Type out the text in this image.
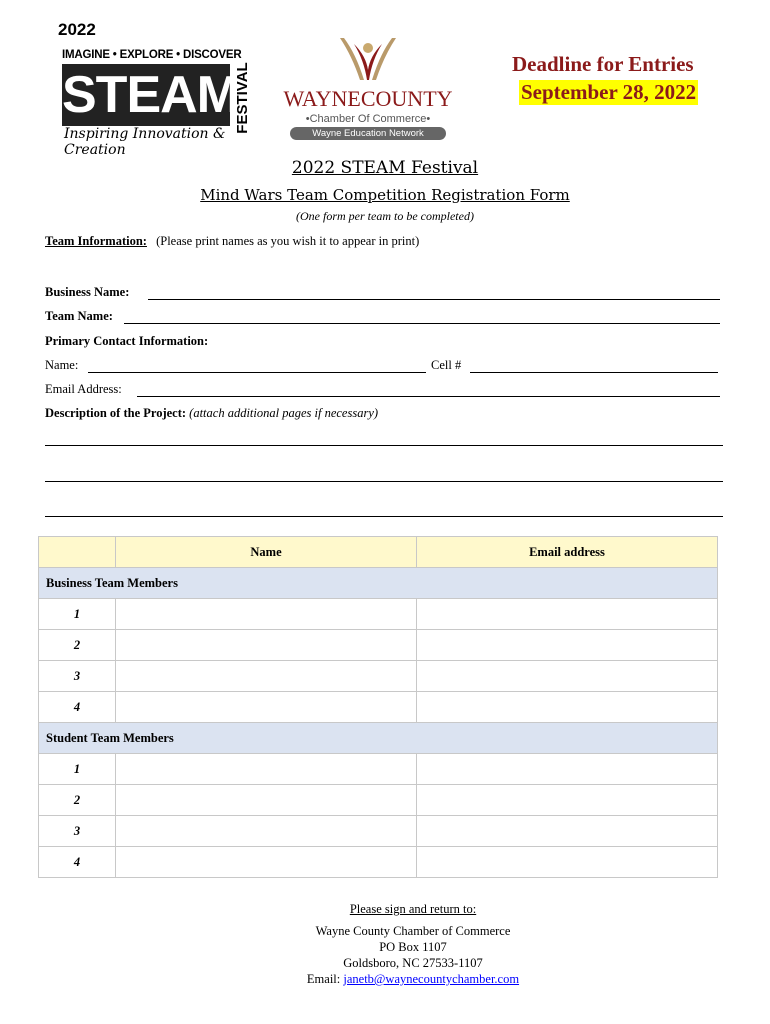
2022
IMAGINE • EXPLORE • DISCOVER
STEAM
FESTIVAL
Inspiring Innovation & Creation
WAYNECOUNTY
•Chamber Of Commerce•
Wayne Education Network
Deadline for Entries
September 28, 2022
2022 STEAM Festival
Mind Wars Team Competition Registration Form
(One form per team to be completed)
Team Information: (Please print names as you wish it to appear in print)
Business Name:
Team Name:
Primary Contact Information:
Name:	Cell #
Email Address:
Description of the Project: (attach additional pages if necessary)
	Name	Email address
Business Team Members		
1		
2		
3		
4		
Student Team Members		
1		
2		
3		
4		
Please sign and return to:
Wayne County Chamber of Commerce
PO Box 1107
Goldsboro, NC 27533-1107
Email: janetb@waynecountychamber.com
